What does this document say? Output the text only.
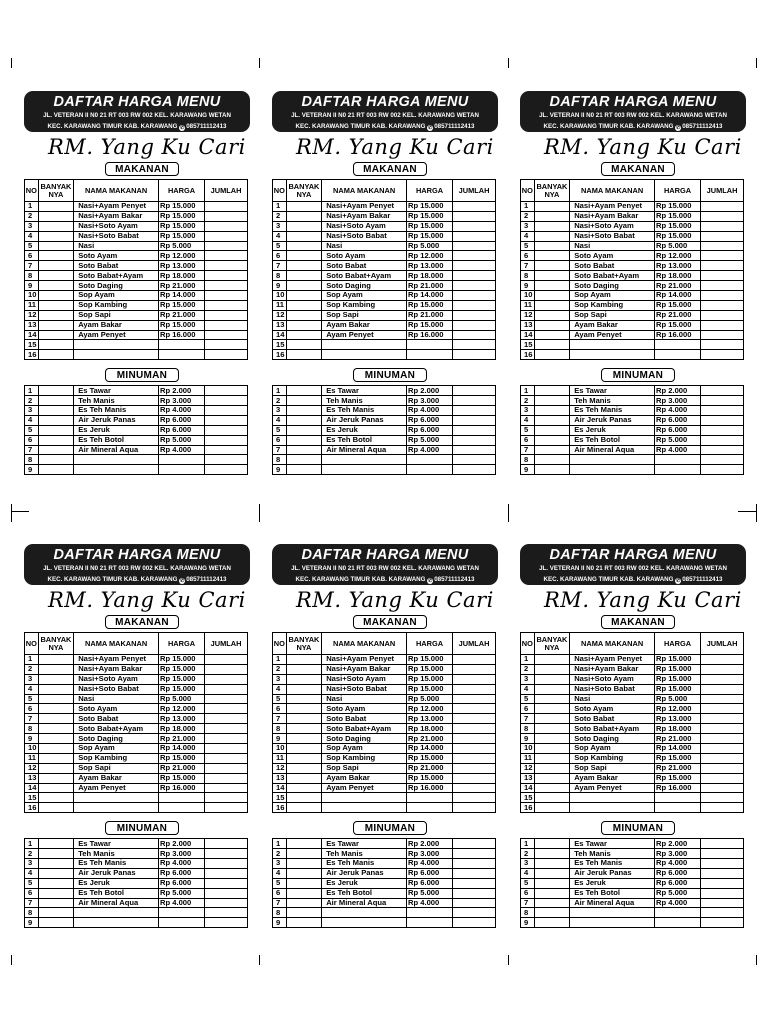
DAFTAR HARGA MENU
JL. VETERAN II N0 21 RT 003 RW 002 KEL. KARAWANG WETAN
KEC. KARAWANG TIMUR KAB. KARAWANG ✆ 085711112413
RM. Yang Ku Cari
MAKANAN
NO	BANYAK NYA	NAMA MAKANAN	HARGA	JUMLAH
1		Nasi+Ayam Penyet	Rp 15.000	
2		Nasi+Ayam Bakar	Rp 15.000	
3		Nasi+Soto Ayam	Rp 15.000	
4		Nasi+Soto Babat	Rp 15.000	
5		Nasi	Rp 5.000	
6		Soto Ayam	Rp 12.000	
7		Soto Babat	Rp 13.000	
8		Soto Babat+Ayam	Rp 18.000	
9		Soto Daging	Rp 21.000	
10		Sop Ayam	Rp 14.000	
11		Sop Kambing	Rp 15.000	
12		Sop Sapi	Rp 21.000	
13		Ayam Bakar	Rp 15.000	
14		Ayam Penyet	Rp 16.000	
15				
16				
MINUMAN
1		Es Tawar	Rp 2.000	
2		Teh Manis	Rp 3.000	
3		Es Teh Manis	Rp 4.000	
4		Air Jeruk Panas	Rp 6.000	
5		Es Jeruk	Rp 6.000	
6		Es Teh Botol	Rp 5.000	
7		Air Mineral Aqua	Rp 4.000	
8				
9				
DAFTAR HARGA MENU
JL. VETERAN II N0 21 RT 003 RW 002 KEL. KARAWANG WETAN
KEC. KARAWANG TIMUR KAB. KARAWANG ✆ 085711112413
RM. Yang Ku Cari
MAKANAN
NO	BANYAK NYA	NAMA MAKANAN	HARGA	JUMLAH
1		Nasi+Ayam Penyet	Rp 15.000	
2		Nasi+Ayam Bakar	Rp 15.000	
3		Nasi+Soto Ayam	Rp 15.000	
4		Nasi+Soto Babat	Rp 15.000	
5		Nasi	Rp 5.000	
6		Soto Ayam	Rp 12.000	
7		Soto Babat	Rp 13.000	
8		Soto Babat+Ayam	Rp 18.000	
9		Soto Daging	Rp 21.000	
10		Sop Ayam	Rp 14.000	
11		Sop Kambing	Rp 15.000	
12		Sop Sapi	Rp 21.000	
13		Ayam Bakar	Rp 15.000	
14		Ayam Penyet	Rp 16.000	
15				
16				
MINUMAN
1		Es Tawar	Rp 2.000	
2		Teh Manis	Rp 3.000	
3		Es Teh Manis	Rp 4.000	
4		Air Jeruk Panas	Rp 6.000	
5		Es Jeruk	Rp 6.000	
6		Es Teh Botol	Rp 5.000	
7		Air Mineral Aqua	Rp 4.000	
8				
9				
DAFTAR HARGA MENU
JL. VETERAN II N0 21 RT 003 RW 002 KEL. KARAWANG WETAN
KEC. KARAWANG TIMUR KAB. KARAWANG ✆ 085711112413
RM. Yang Ku Cari
MAKANAN
NO	BANYAK NYA	NAMA MAKANAN	HARGA	JUMLAH
1		Nasi+Ayam Penyet	Rp 15.000	
2		Nasi+Ayam Bakar	Rp 15.000	
3		Nasi+Soto Ayam	Rp 15.000	
4		Nasi+Soto Babat	Rp 15.000	
5		Nasi	Rp 5.000	
6		Soto Ayam	Rp 12.000	
7		Soto Babat	Rp 13.000	
8		Soto Babat+Ayam	Rp 18.000	
9		Soto Daging	Rp 21.000	
10		Sop Ayam	Rp 14.000	
11		Sop Kambing	Rp 15.000	
12		Sop Sapi	Rp 21.000	
13		Ayam Bakar	Rp 15.000	
14		Ayam Penyet	Rp 16.000	
15				
16				
MINUMAN
1		Es Tawar	Rp 2.000	
2		Teh Manis	Rp 3.000	
3		Es Teh Manis	Rp 4.000	
4		Air Jeruk Panas	Rp 6.000	
5		Es Jeruk	Rp 6.000	
6		Es Teh Botol	Rp 5.000	
7		Air Mineral Aqua	Rp 4.000	
8				
9				
DAFTAR HARGA MENU
JL. VETERAN II N0 21 RT 003 RW 002 KEL. KARAWANG WETAN
KEC. KARAWANG TIMUR KAB. KARAWANG ✆ 085711112413
RM. Yang Ku Cari
MAKANAN
NO	BANYAK NYA	NAMA MAKANAN	HARGA	JUMLAH
1		Nasi+Ayam Penyet	Rp 15.000	
2		Nasi+Ayam Bakar	Rp 15.000	
3		Nasi+Soto Ayam	Rp 15.000	
4		Nasi+Soto Babat	Rp 15.000	
5		Nasi	Rp 5.000	
6		Soto Ayam	Rp 12.000	
7		Soto Babat	Rp 13.000	
8		Soto Babat+Ayam	Rp 18.000	
9		Soto Daging	Rp 21.000	
10		Sop Ayam	Rp 14.000	
11		Sop Kambing	Rp 15.000	
12		Sop Sapi	Rp 21.000	
13		Ayam Bakar	Rp 15.000	
14		Ayam Penyet	Rp 16.000	
15				
16				
MINUMAN
1		Es Tawar	Rp 2.000	
2		Teh Manis	Rp 3.000	
3		Es Teh Manis	Rp 4.000	
4		Air Jeruk Panas	Rp 6.000	
5		Es Jeruk	Rp 6.000	
6		Es Teh Botol	Rp 5.000	
7		Air Mineral Aqua	Rp 4.000	
8				
9				
DAFTAR HARGA MENU
JL. VETERAN II N0 21 RT 003 RW 002 KEL. KARAWANG WETAN
KEC. KARAWANG TIMUR KAB. KARAWANG ✆ 085711112413
RM. Yang Ku Cari
MAKANAN
NO	BANYAK NYA	NAMA MAKANAN	HARGA	JUMLAH
1		Nasi+Ayam Penyet	Rp 15.000	
2		Nasi+Ayam Bakar	Rp 15.000	
3		Nasi+Soto Ayam	Rp 15.000	
4		Nasi+Soto Babat	Rp 15.000	
5		Nasi	Rp 5.000	
6		Soto Ayam	Rp 12.000	
7		Soto Babat	Rp 13.000	
8		Soto Babat+Ayam	Rp 18.000	
9		Soto Daging	Rp 21.000	
10		Sop Ayam	Rp 14.000	
11		Sop Kambing	Rp 15.000	
12		Sop Sapi	Rp 21.000	
13		Ayam Bakar	Rp 15.000	
14		Ayam Penyet	Rp 16.000	
15				
16				
MINUMAN
1		Es Tawar	Rp 2.000	
2		Teh Manis	Rp 3.000	
3		Es Teh Manis	Rp 4.000	
4		Air Jeruk Panas	Rp 6.000	
5		Es Jeruk	Rp 6.000	
6		Es Teh Botol	Rp 5.000	
7		Air Mineral Aqua	Rp 4.000	
8				
9				
DAFTAR HARGA MENU
JL. VETERAN II N0 21 RT 003 RW 002 KEL. KARAWANG WETAN
KEC. KARAWANG TIMUR KAB. KARAWANG ✆ 085711112413
RM. Yang Ku Cari
MAKANAN
NO	BANYAK NYA	NAMA MAKANAN	HARGA	JUMLAH
1		Nasi+Ayam Penyet	Rp 15.000	
2		Nasi+Ayam Bakar	Rp 15.000	
3		Nasi+Soto Ayam	Rp 15.000	
4		Nasi+Soto Babat	Rp 15.000	
5		Nasi	Rp 5.000	
6		Soto Ayam	Rp 12.000	
7		Soto Babat	Rp 13.000	
8		Soto Babat+Ayam	Rp 18.000	
9		Soto Daging	Rp 21.000	
10		Sop Ayam	Rp 14.000	
11		Sop Kambing	Rp 15.000	
12		Sop Sapi	Rp 21.000	
13		Ayam Bakar	Rp 15.000	
14		Ayam Penyet	Rp 16.000	
15				
16				
MINUMAN
1		Es Tawar	Rp 2.000	
2		Teh Manis	Rp 3.000	
3		Es Teh Manis	Rp 4.000	
4		Air Jeruk Panas	Rp 6.000	
5		Es Jeruk	Rp 6.000	
6		Es Teh Botol	Rp 5.000	
7		Air Mineral Aqua	Rp 4.000	
8				
9				
